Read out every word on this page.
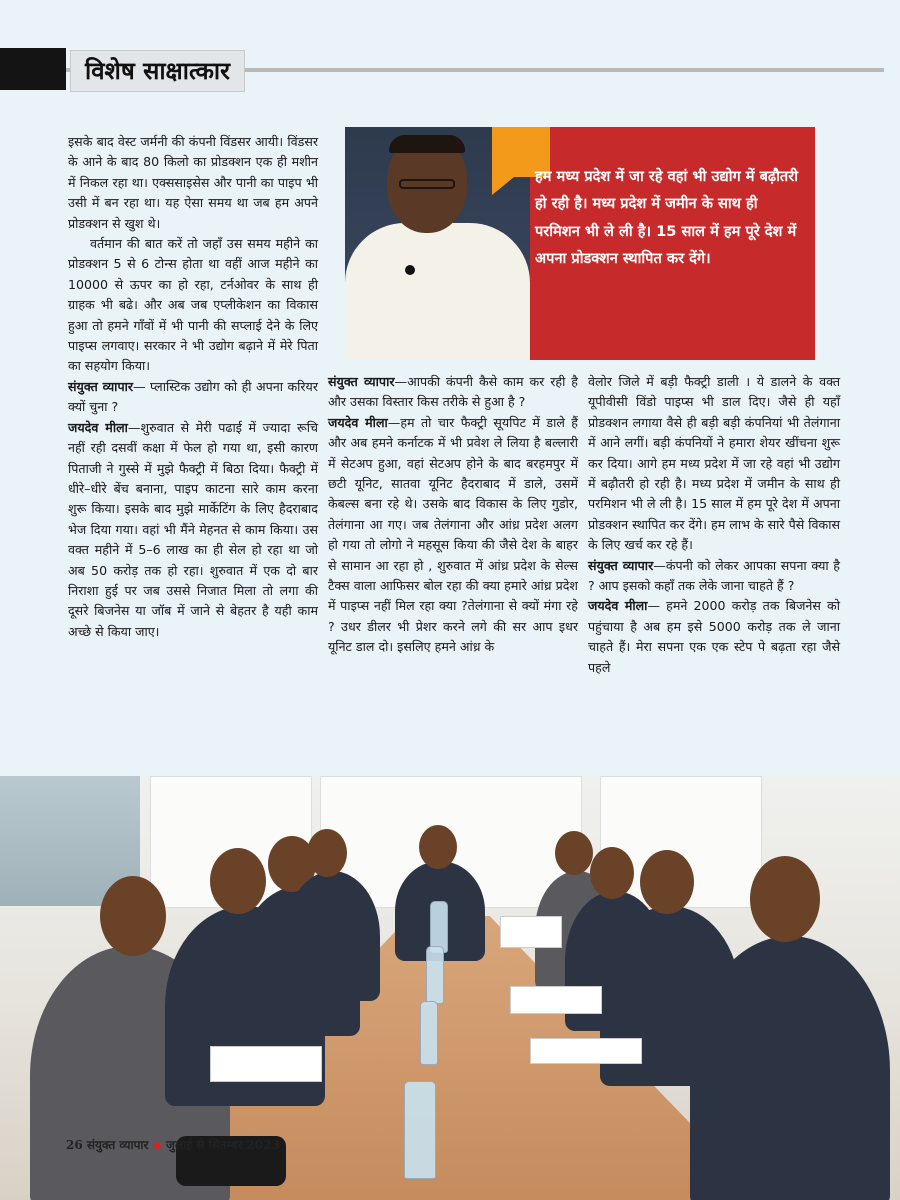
विशेष साक्षात्कार

इसके बाद वेस्ट जर्मनी की कंपनी विंडसर आयी। विंडसर के आने के बाद 80 किलो का प्रोडक्शन एक ही मशीन में निकल रहा था। एक्ससाइसेस और पानी का पाइप भी उसी में बन रहा था। यह ऐसा समय था जब हम अपने प्रोडक्शन से खुश थे।

वर्तमान की बात करें तो जहाँ उस समय महीने का प्रोडक्शन 5 से 6 टोन्स होता था वहीं आज महीने का 10000 से ऊपर का हो रहा, टर्नओवर के साथ ही ग्राहक भी बढे। और अब जब एप्लीकेशन का विकास हुआ तो हमने गाँवों में भी पानी की सप्लाई देने के लिए पाइप्स लगवाए। सरकार ने भी उद्योग बढ़ाने में मेरे पिता का सहयोग किया।

संयुक्त व्यापार— प्लास्टिक उद्योग को ही अपना करियर क्यों चुना ?

जयदेव मीला—शुरुवात से मेरी पढाई में ज्यादा रूचि नहीं रही दसवीं कक्षा में फेल हो गया था, इसी कारण पिताजी ने गुस्से में मुझे फैक्ट्री में बिठा दिया। फैक्ट्री में धीरे–धीरे बेंच बनाना, पाइप काटना सारे काम करना शुरू किया। इसके बाद मुझे मार्केटिंग के लिए हैदराबाद भेज दिया गया। वहां भी मैंने मेहनत से काम किया। उस वक्त महीने में 5–6 लाख का ही सेल हो रहा था जो अब 50 करोड़ तक हो रहा। शुरुवात में एक दो बार निराशा हुई पर जब उससे निजात मिला तो लगा की दूसरे बिजनेस या जॉब में जाने से बेहतर है यही काम अच्छे से किया जाए।

हम मध्य प्रदेश में जा रहे वहां भी उद्योग में बढ़ौतरी हो रही है। मध्य प्रदेश में जमीन के साथ ही परमिशन भी ले ली है। 15 साल में हम पूरे देश में अपना प्रोडक्शन स्थापित कर देंगे।

संयुक्त व्यापार—आपकी कंपनी कैसे काम कर रही है और उसका विस्तार किस तरीके से हुआ है ?

जयदेव मीला—हम तो चार फैक्ट्री सूयपिट में डाले हैं और अब हमने कर्नाटक में भी प्रवेश ले लिया है बल्लारी में सेटअप हुआ, वहां सेटअप होने के बाद बरहमपुर में छटी यूनिट, सातवा यूनिट हैदराबाद में डाले, उसमें केबल्स बना रहे थे। उसके बाद विकास के लिए गुडोर, तेलंगाना आ गए। जब तेलंगाना और आंध्र प्रदेश अलग हो गया तो लोगो ने महसूस किया की जैसे देश के बाहर से सामान आ रहा हो , शुरुवात में आंध्र प्रदेश के सेल्स टैक्स वाला आफिसर बोल रहा की क्या हमारे आंध्र प्रदेश में पाइप्स नहीं मिल रहा क्या ?तेलंगाना से क्यों मंगा रहे ? उधर डीलर भी प्रेशर करने लगे की सर आप इधर यूनिट डाल दो। इसलिए हमने आंध्र के

वेलोर जिले में बड़ी फैक्ट्री डाली । ये डालने के वक्त यूपीवीसी विंडो पाइप्स भी डाल दिए। जैसे ही यहाँ प्रोडक्शन लगाया वैसे ही बड़ी बड़ी कंपनियां भी तेलंगाना में आने लगीं। बड़ी कंपनियों ने हमारा शेयर खींचना शुरू कर दिया। आगे हम मध्य प्रदेश में जा रहे वहां भी उद्योग में बढ़ौतरी हो रही है। मध्य प्रदेश में जमीन के साथ ही परमिशन भी ले ली है। 15 साल में हम पूरे देश में अपना प्रोडक्शन स्थापित कर देंगे। हम लाभ के सारे पैसे विकास के लिए खर्च कर रहे हैं।

संयुक्त व्यापार—कंपनी को लेकर आपका सपना क्या है ? आप इसको कहाँ तक लेके जाना चाहते हैं ?

जयदेव मीला— हमने 2000 करोड़ तक बिजनेस को पहुंचाया है अब हम इसे 5000 करोड़ तक ले जाना चाहते हैं। मेरा सपना एक एक स्टेप पे बढ़ता रहा जैसे पहले

26 संयुक्त व्यापार ◆ जुलाई से सितम्बर 2023
